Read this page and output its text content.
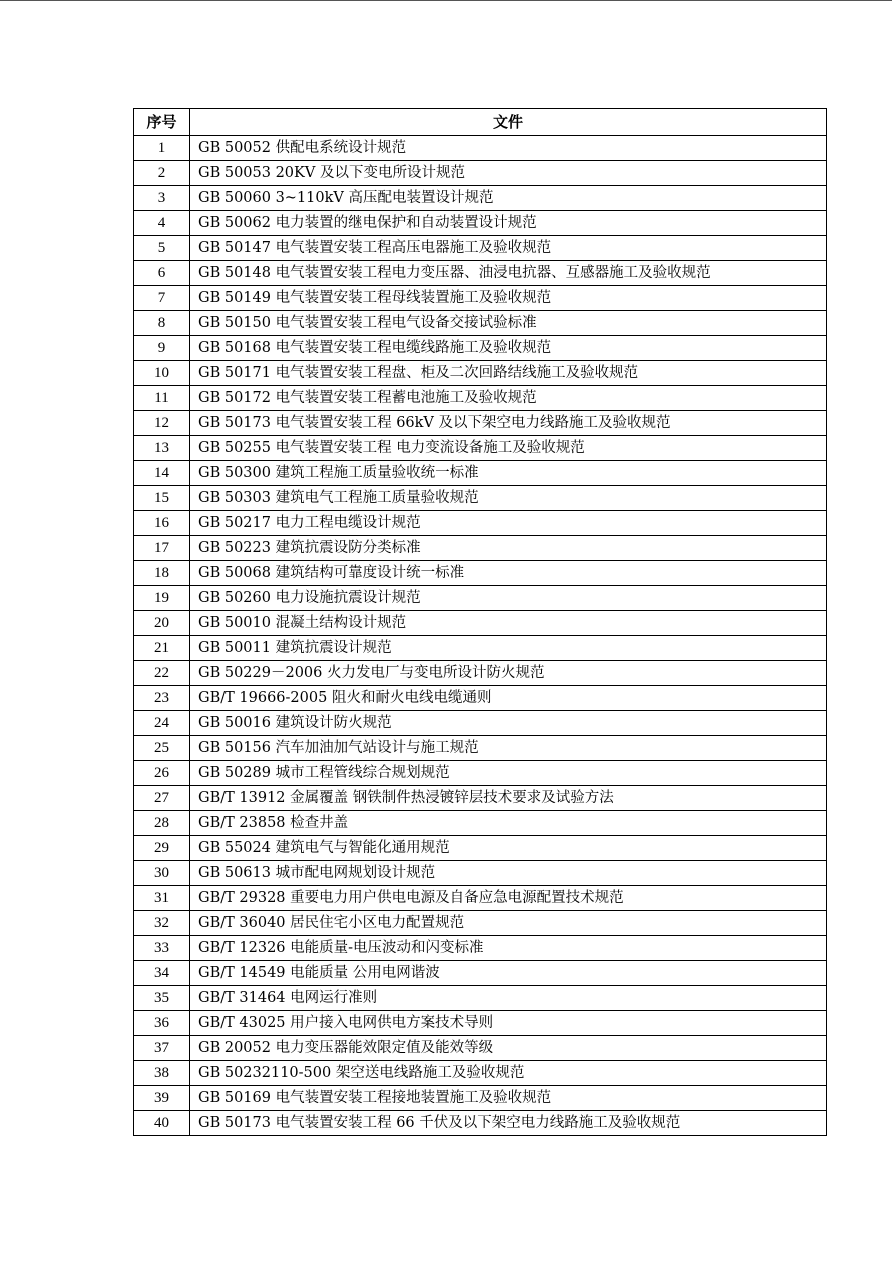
序号	文件
1	GB 50052 供配电系统设计规范
2	GB 50053 20KV 及以下变电所设计规范
3	GB 50060 3~110kV 高压配电装置设计规范
4	GB 50062 电力装置的继电保护和自动装置设计规范
5	GB 50147 电气装置安装工程高压电器施工及验收规范
6	GB 50148 电气装置安装工程电力变压器、油浸电抗器、互感器施工及验收规范
7	GB 50149 电气装置安装工程母线装置施工及验收规范
8	GB 50150 电气装置安装工程电气设备交接试验标准
9	GB 50168 电气装置安装工程电缆线路施工及验收规范
10	GB 50171 电气装置安装工程盘、柜及二次回路结线施工及验收规范
11	GB 50172 电气装置安装工程蓄电池施工及验收规范
12	GB 50173 电气装置安装工程 66kV 及以下架空电力线路施工及验收规范
13	GB 50255 电气装置安装工程 电力变流设备施工及验收规范
14	GB 50300 建筑工程施工质量验收统一标准
15	GB 50303 建筑电气工程施工质量验收规范
16	GB 50217 电力工程电缆设计规范
17	GB 50223 建筑抗震设防分类标准
18	GB 50068 建筑结构可靠度设计统一标准
19	GB 50260 电力设施抗震设计规范
20	GB 50010 混凝土结构设计规范
21	GB 50011 建筑抗震设计规范
22	GB 50229－2006 火力发电厂与变电所设计防火规范
23	GB/T 19666-2005 阻火和耐火电线电缆通则
24	GB 50016 建筑设计防火规范
25	GB 50156 汽车加油加气站设计与施工规范
26	GB 50289 城市工程管线综合规划规范
27	GB/T 13912 金属覆盖 钢铁制件热浸镀锌层技术要求及试验方法
28	GB/T 23858 检查井盖
29	GB 55024 建筑电气与智能化通用规范
30	GB 50613 城市配电网规划设计规范
31	GB/T 29328 重要电力用户供电电源及自备应急电源配置技术规范
32	GB/T 36040 居民住宅小区电力配置规范
33	GB/T 12326 电能质量-电压波动和闪变标准
34	GB/T 14549 电能质量 公用电网谐波
35	GB/T 31464 电网运行准则
36	GB/T 43025 用户接入电网供电方案技术导则
37	GB 20052 电力变压器能效限定值及能效等级
38	GB 50232110-500 架空送电线路施工及验收规范
39	GB 50169 电气装置安装工程接地装置施工及验收规范
40	GB 50173 电气装置安装工程 66 千伏及以下架空电力线路施工及验收规范
